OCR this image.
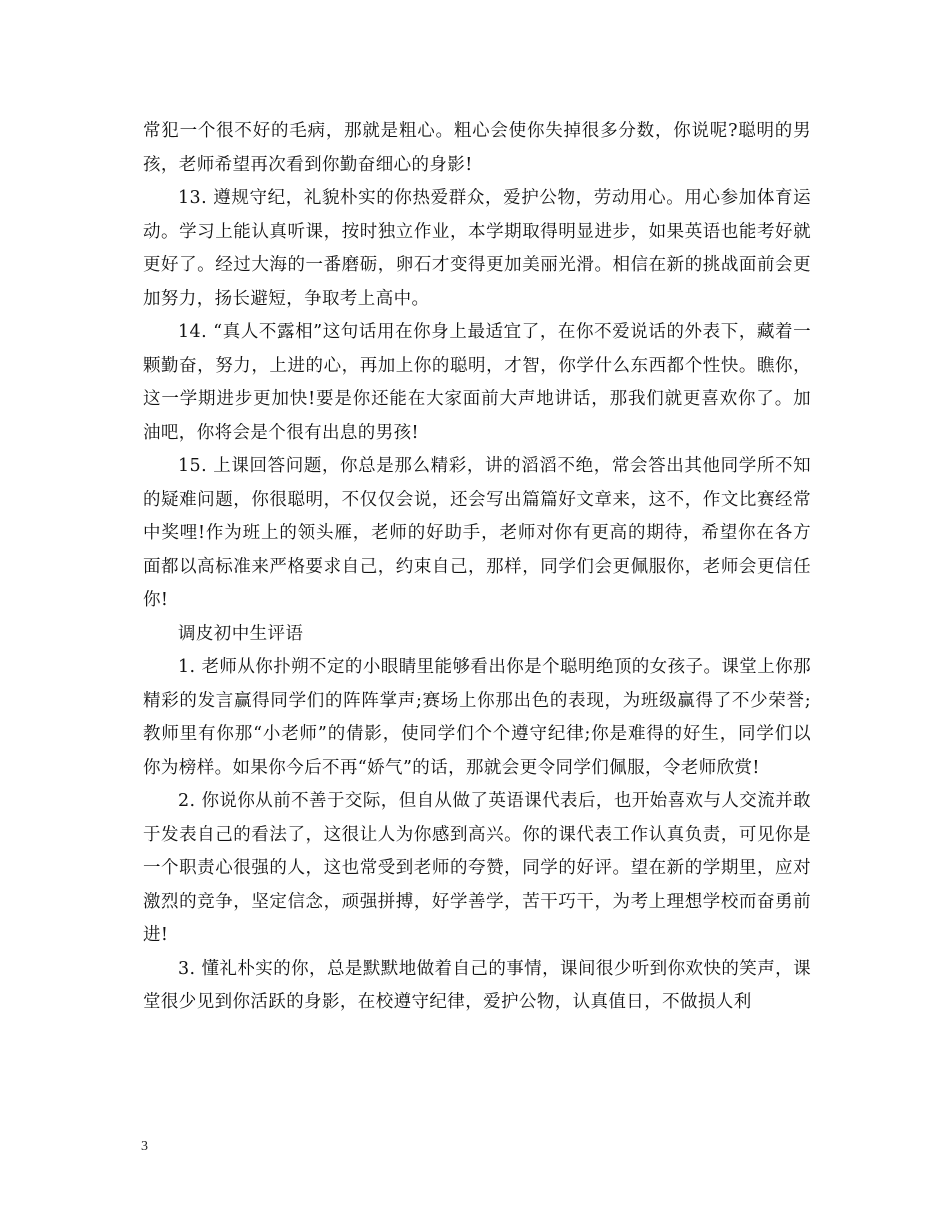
常犯一个很不好的毛病，那就是粗心。粗心会使你失掉很多分数，你说呢?聪明的男孩，老师希望再次看到你勤奋细心的身影!

13. 遵规守纪，礼貌朴实的你热爱群众，爱护公物，劳动用心。用心参加体育运动。学习上能认真听课，按时独立作业，本学期取得明显进步，如果英语也能考好就更好了。经过大海的一番磨砺，卵石才变得更加美丽光滑。相信在新的挑战面前会更加努力，扬长避短，争取考上高中。

14. “真人不露相”这句话用在你身上最适宜了，在你不爱说话的外表下，藏着一颗勤奋，努力，上进的心，再加上你的聪明，才智，你学什么东西都个性快。瞧你，这一学期进步更加快!要是你还能在大家面前大声地讲话，那我们就更喜欢你了。加油吧，你将会是个很有出息的男孩!

15. 上课回答问题，你总是那么精彩，讲的滔滔不绝，常会答出其他同学所不知的疑难问题，你很聪明，不仅仅会说，还会写出篇篇好文章来，这不，作文比赛经常中奖哩!作为班上的领头雁，老师的好助手，老师对你有更高的期待，希望你在各方面都以高标准来严格要求自己，约束自己，那样，同学们会更佩服你，老师会更信任你!

调皮初中生评语

1. 老师从你扑朔不定的小眼睛里能够看出你是个聪明绝顶的女孩子。课堂上你那精彩的发言赢得同学们的阵阵掌声;赛场上你那出色的表现，为班级赢得了不少荣誉;教师里有你那“小老师”的倩影，使同学们个个遵守纪律;你是难得的好生，同学们以你为榜样。如果你今后不再“娇气”的话，那就会更令同学们佩服，令老师欣赏!

2. 你说你从前不善于交际，但自从做了英语课代表后，也开始喜欢与人交流并敢于发表自己的看法了，这很让人为你感到高兴。你的课代表工作认真负责，可见你是一个职责心很强的人，这也常受到老师的夸赞，同学的好评。望在新的学期里，应对激烈的竞争，坚定信念，顽强拼搏，好学善学，苦干巧干，为考上理想学校而奋勇前进!

3. 懂礼朴实的你，总是默默地做着自己的事情，课间很少听到你欢快的笑声，课堂很少见到你活跃的身影，在校遵守纪律，爱护公物，认真值日，不做损人利

3
